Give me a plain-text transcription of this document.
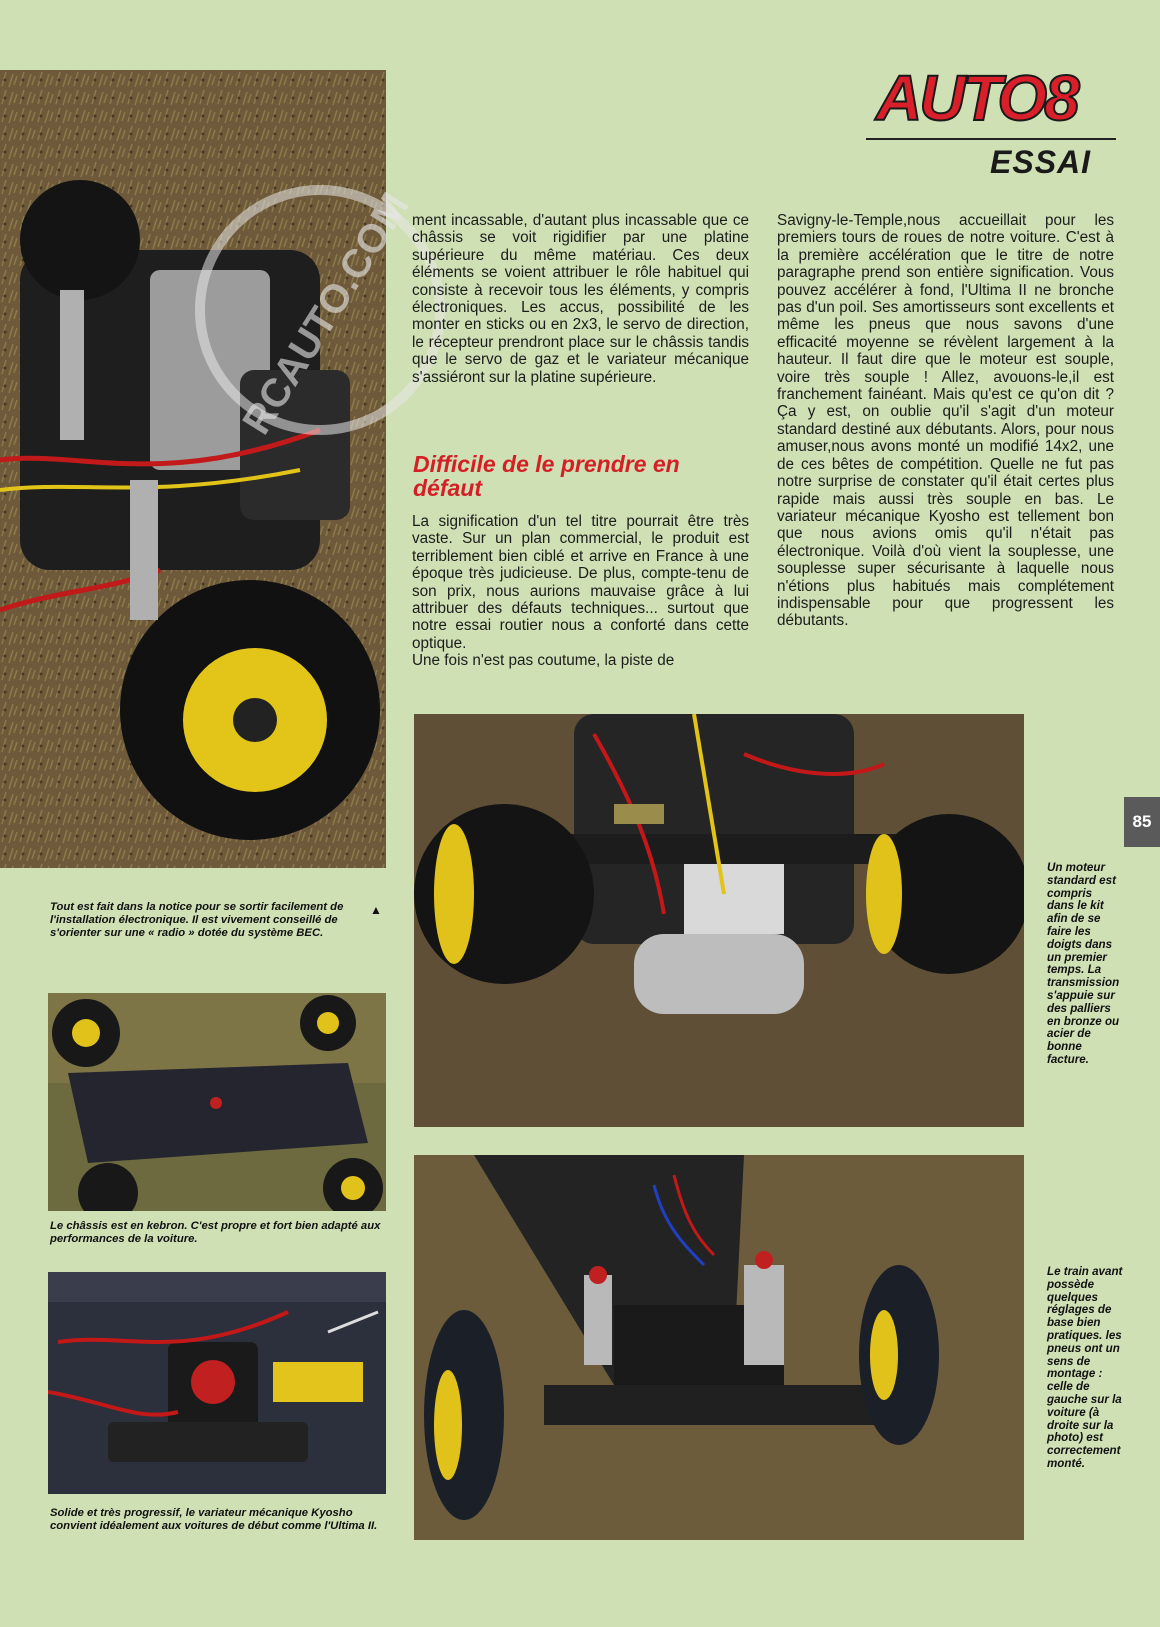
AUTO8
ESSAI
85
RCAUTO.COM

ment incassable, d'autant plus incassable que ce châssis se voit rigidifier par une platine supérieure du même matériau. Ces deux éléments se voient attribuer le rôle habituel qui consiste à recevoir tous les éléments, y compris électroniques. Les accus, possibilité de les monter en sticks ou en 2x3, le servo de direction, le récepteur prendront place sur le châssis tandis que le servo de gaz et le variateur mécanique s'assiéront sur la platine supérieure.

Difficile de le prendre en défaut

La signification d'un tel titre pourrait être très vaste. Sur un plan commercial, le produit est terriblement bien ciblé et arrive en France à une époque très judicieuse. De plus, compte-tenu de son prix, nous aurions mauvaise grâce à lui attribuer des défauts techniques... surtout que notre essai routier nous a conforté dans cette optique.

Une fois n'est pas coutume, la piste de

Savigny-le-Temple,nous accueillait pour les premiers tours de roues de notre voiture. C'est à la première accélération que le titre de notre paragraphe prend son entière signification. Vous pouvez accélérer à fond, l'Ultima II ne bronche pas d'un poil. Ses amortisseurs sont excellents et même les pneus que nous savons d'une efficacité moyenne se révèlent largement à la hauteur. Il faut dire que le moteur est souple, voire très souple ! Allez, avouons-le,il est franchement fainéant. Mais qu'est ce qu'on dit ? Ça y est, on oublie qu'il s'agit d'un moteur standard destiné aux débutants. Alors, pour nous amuser,nous avons monté un modifié 14x2, une de ces bêtes de compétition. Quelle ne fut pas notre surprise de constater qu'il était certes plus rapide mais aussi très souple en bas. Le variateur mécanique Kyosho est tellement bon que nous avions omis qu'il n'était pas électronique. Voilà d'où vient la souplesse, une souplesse super sécurisante à laquelle nous n'étions plus habitués mais complétement indispensable pour que progressent les débutants.

Tout est fait dans la notice pour se sortir facilement de l'installation électronique. Il est vivement conseillé de s'orienter sur une « radio » dotée du système BEC.
▲
Le châssis est en kebron. C'est propre et fort bien adapté aux performances de la voiture.
Solide et très progressif, le variateur mécanique Kyosho convient idéalement aux voitures de début comme l'Ultima II.
Un moteur standard est compris dans le kit afin de se faire les doigts dans un premier temps. La transmission s'appuie sur des palliers en bronze ou acier de bonne facture.
Le train avant possède quelques réglages de base bien pratiques. les pneus ont un sens de montage : celle de gauche sur la voiture (à droite sur la photo) est correctement monté.
